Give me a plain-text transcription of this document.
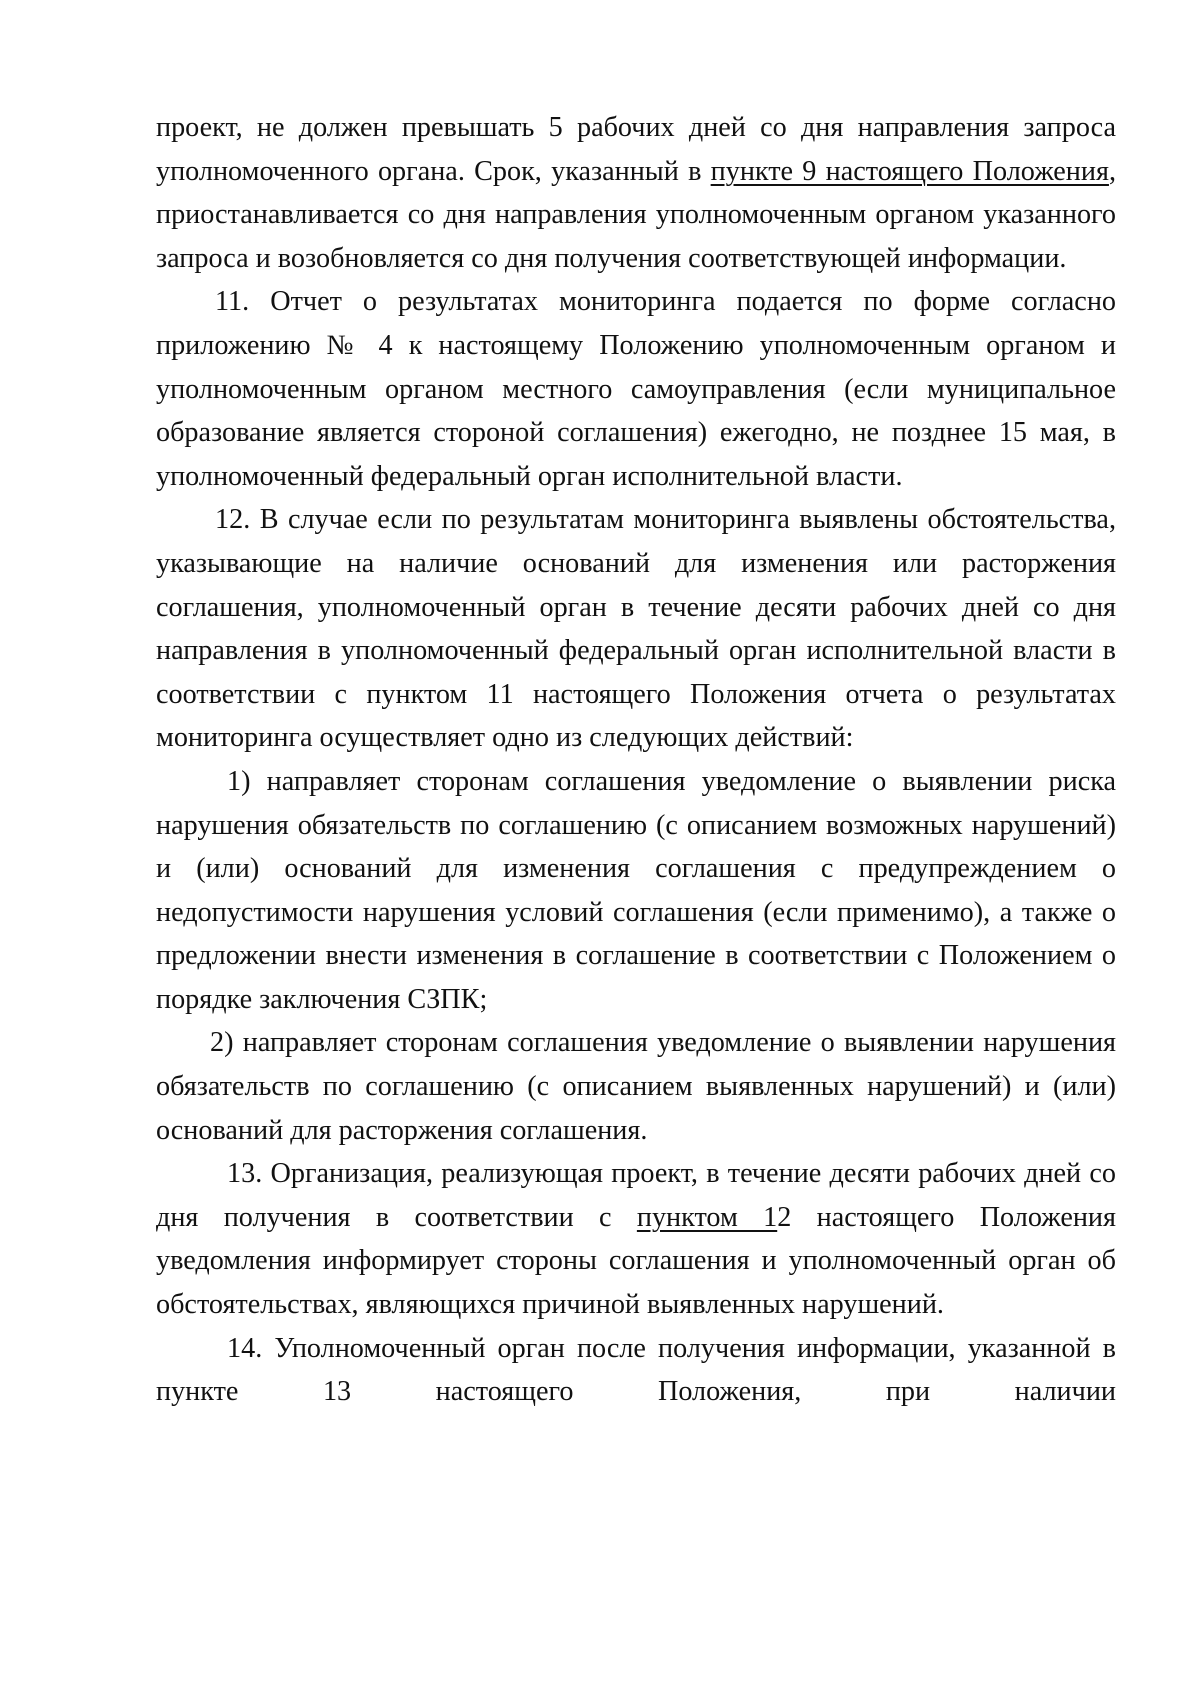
проект, не должен превышать 5 рабочих дней со дня направления запроса уполномоченного органа. Срок, указанный в пункте 9 настоящего Положения, приостанавливается со дня направления уполномоченным органом указанного запроса и возобновляется со дня получения соответствующей информации.

11. Отчет о результатах мониторинга подается по форме согласно приложению № 4 к настоящему Положению уполномоченным органом и уполномоченным органом местного самоуправления (если муниципальное образование является стороной соглашения) ежегодно, не позднее 15 мая, в уполномоченный федеральный орган исполнительной власти.

12. В случае если по результатам мониторинга выявлены обстоятельства, указывающие на наличие оснований для изменения или расторжения соглашения, уполномоченный орган в течение десяти рабочих дней со дня направления в уполномоченный федеральный орган исполнительной власти в соответствии с пунктом 11 настоящего Положения отчета о результатах мониторинга осуществляет одно из следующих действий:

1) направляет сторонам соглашения уведомление о выявлении риска нарушения обязательств по соглашению (с описанием возможных нарушений) и (или) оснований для изменения соглашения с предупреждением о недопустимости нарушения условий соглашения (если применимо), а также о предложении внести изменения в соглашение в соответствии с Положением о порядке заключения СЗПК;

2) направляет сторонам соглашения уведомление о выявлении нарушения обязательств по соглашению (с описанием выявленных нарушений) и (или) оснований для расторжения соглашения.

13. Организация, реализующая проект, в течение десяти рабочих дней со дня получения в соответствии с пунктом 12 настоящего Положения уведомления информирует стороны соглашения и уполномоченный орган об обстоятельствах, являющихся причиной выявленных нарушений.

14. Уполномоченный орган после получения информации, указанной в пункте 13 настоящего Положения, при наличии
